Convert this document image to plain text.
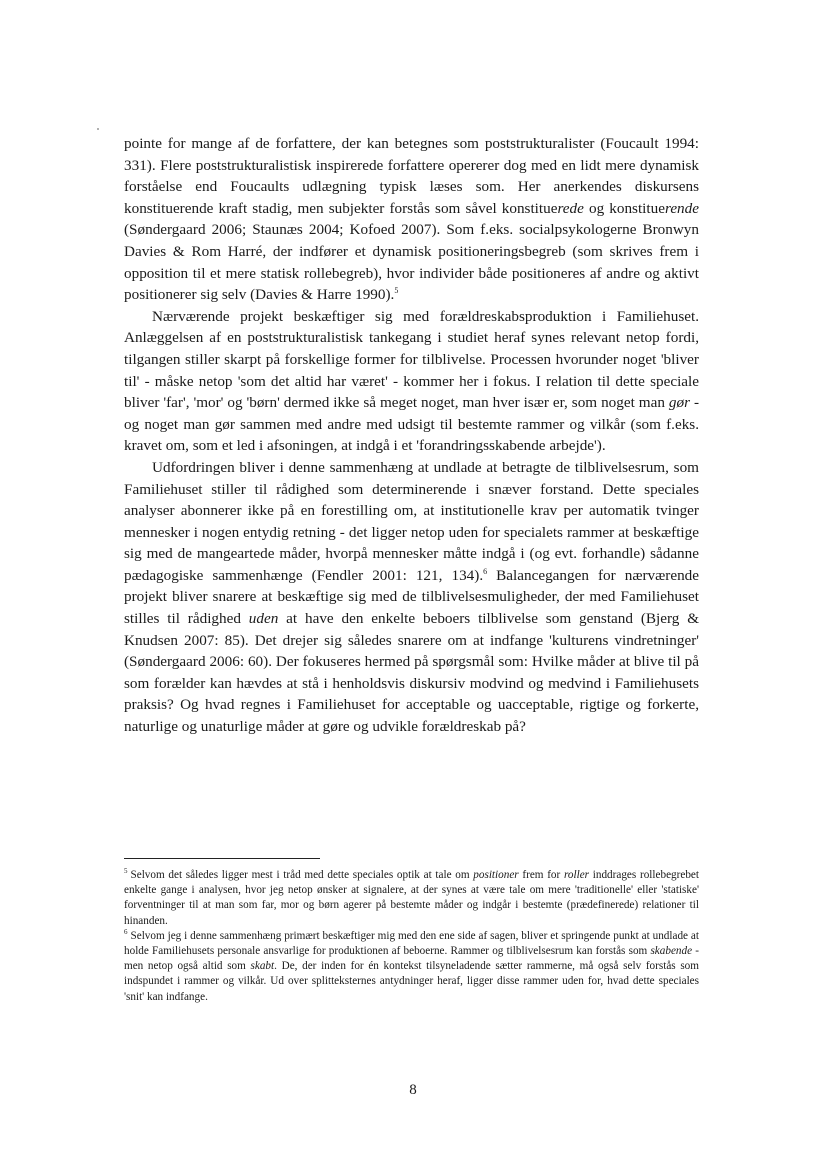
pointe for mange af de forfattere, der kan betegnes som poststrukturalister (Foucault 1994: 331). Flere poststrukturalistisk inspirerede forfattere opererer dog med en lidt mere dynamisk forståelse end Foucaults udlægning typisk læses som. Her anerkendes diskursens konstituerende kraft stadig, men subjekter forstås som såvel konstituerede og konstituerende (Søndergaard 2006; Staunæs 2004; Kofoed 2007). Som f.eks. socialpsykologerne Bronwyn Davies & Rom Harré, der indfører et dynamisk positioneringsbegreb (som skrives frem i opposition til et mere statisk rollebegreb), hvor individer både positioneres af andre og aktivt positionerer sig selv (Davies & Harre 1990).$^5$

Nærværende projekt beskæftiger sig med forældreskabsproduktion i Familiehuset. Anlæggelsen af en poststrukturalistisk tankegang i studiet heraf synes relevant netop fordi, tilgangen stiller skarpt på forskellige former for tilblivelse. Processen hvorunder noget 'bliver til' - måske netop 'som det altid har været' - kommer her i fokus. I relation til dette speciale bliver 'far', 'mor' og 'børn' dermed ikke så meget noget, man hver især er, som noget man gør - og noget man gør sammen med andre med udsigt til bestemte rammer og vilkår (som f.eks. kravet om, som et led i afsoningen, at indgå i et 'forandringsskabende arbejde').

Udfordringen bliver i denne sammenhæng at undlade at betragte de tilblivelsesrum, som Familiehuset stiller til rådighed som determinerende i snæver forstand. Dette speciales analyser abonnerer ikke på en forestilling om, at institutionelle krav per automatik tvinger mennesker i nogen entydig retning - det ligger netop uden for specialets rammer at beskæftige sig med de mangeartede måder, hvorpå mennesker måtte indgå i (og evt. forhandle) sådanne pædagogiske sammenhænge (Fendler 2001: 121, 134).$^6$ Balancegangen for nærværende projekt bliver snarere at beskæftige sig med de tilblivelsesmuligheder, der med Familiehuset stilles til rådighed uden at have den enkelte beboers tilblivelse som genstand (Bjerg & Knudsen 2007: 85). Det drejer sig således snarere om at indfange 'kulturens vindretninger' (Søndergaard 2006: 60). Der fokuseres hermed på spørgsmål som: Hvilke måder at blive til på som forælder kan hævdes at stå i henholdsvis diskursiv modvind og medvind i Familiehusets praksis? Og hvad regnes i Familiehuset for acceptable og uacceptable, rigtige og forkerte, naturlige og unaturlige måder at gøre og udvikle forældreskab på?

$^5$ Selvom det således ligger mest i tråd med dette speciales optik at tale om positioner frem for roller inddrages rollebegrebet enkelte gange i analysen, hvor jeg netop ønsker at signalere, at der synes at være tale om mere 'traditionelle' eller 'statiske' forventninger til at man som far, mor og børn agerer på bestemte måder og indgår i bestemte (prædefinerede) relationer til hinanden.

$^6$ Selvom jeg i denne sammenhæng primært beskæftiger mig med den ene side af sagen, bliver et springende punkt at undlade at holde Familiehusets personale ansvarlige for produktionen af beboerne. Rammer og tilblivelsesrum kan forstås som skabende - men netop også altid som skabt. De, der inden for én kontekst tilsyneladende sætter rammerne, må også selv forstås som indspundet i rammer og vilkår. Ud over splitteksternes antydninger heraf, ligger disse rammer uden for, hvad dette speciales 'snit' kan indfange.

8
